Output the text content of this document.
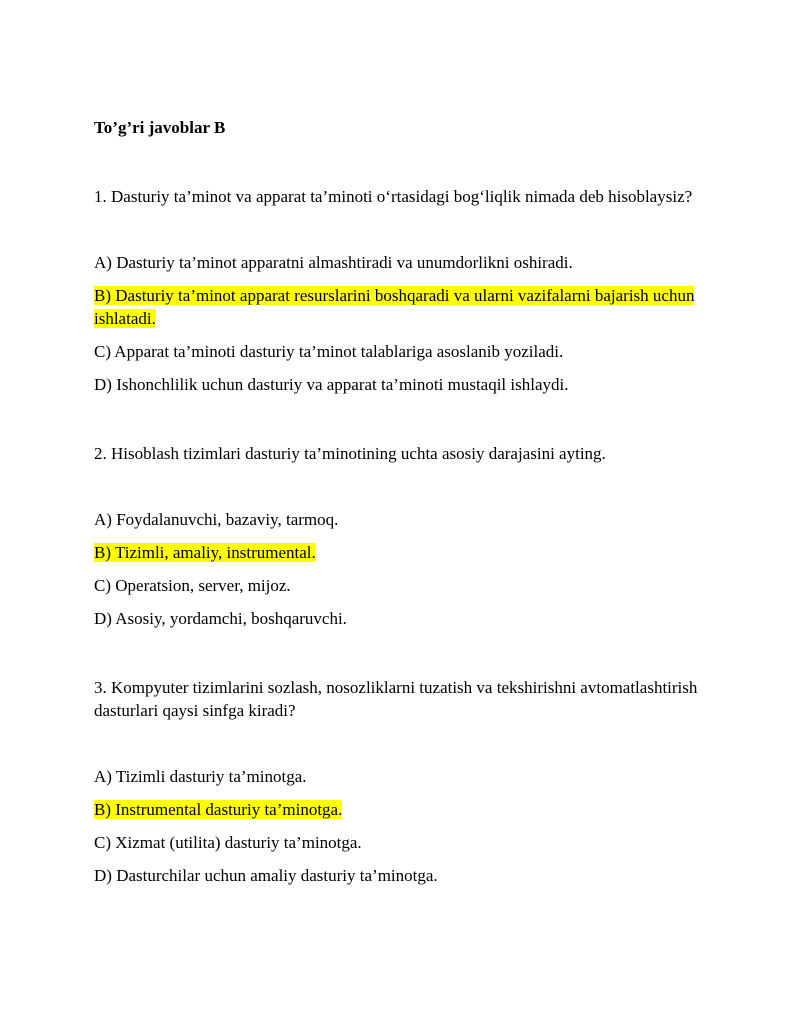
To’g’ri javoblar B

1. Dasturiy ta’minot va apparat ta’minoti o‘rtasidagi bog‘liqlik nimada deb hisoblaysiz?

A) Dasturiy ta’minot apparatni almashtiradi va unumdorlikni oshiradi.
B) Dasturiy ta’minot apparat resurslarini boshqaradi va ularni vazifalarni bajarish uchun ishlatadi.
C) Apparat ta’minoti dasturiy ta’minot talablariga asoslanib yoziladi.
D) Ishonchlilik uchun dasturiy va apparat ta’minoti mustaqil ishlaydi.

2. Hisoblash tizimlari dasturiy ta’minotining uchta asosiy darajasini ayting.

A) Foydalanuvchi, bazaviy, tarmoq.
B) Tizimli, amaliy, instrumental.
C) Operatsion, server, mijoz.
D) Asosiy, yordamchi, boshqaruvchi.

3. Kompyuter tizimlarini sozlash, nosozliklarni tuzatish va tekshirishni avtomatlashtirish dasturlari qaysi sinfga kiradi?

A) Tizimli dasturiy ta’minotga.
B) Instrumental dasturiy ta’minotga.
C) Xizmat (utilita) dasturiy ta’minotga.
D) Dasturchilar uchun amaliy dasturiy ta’minotga.
